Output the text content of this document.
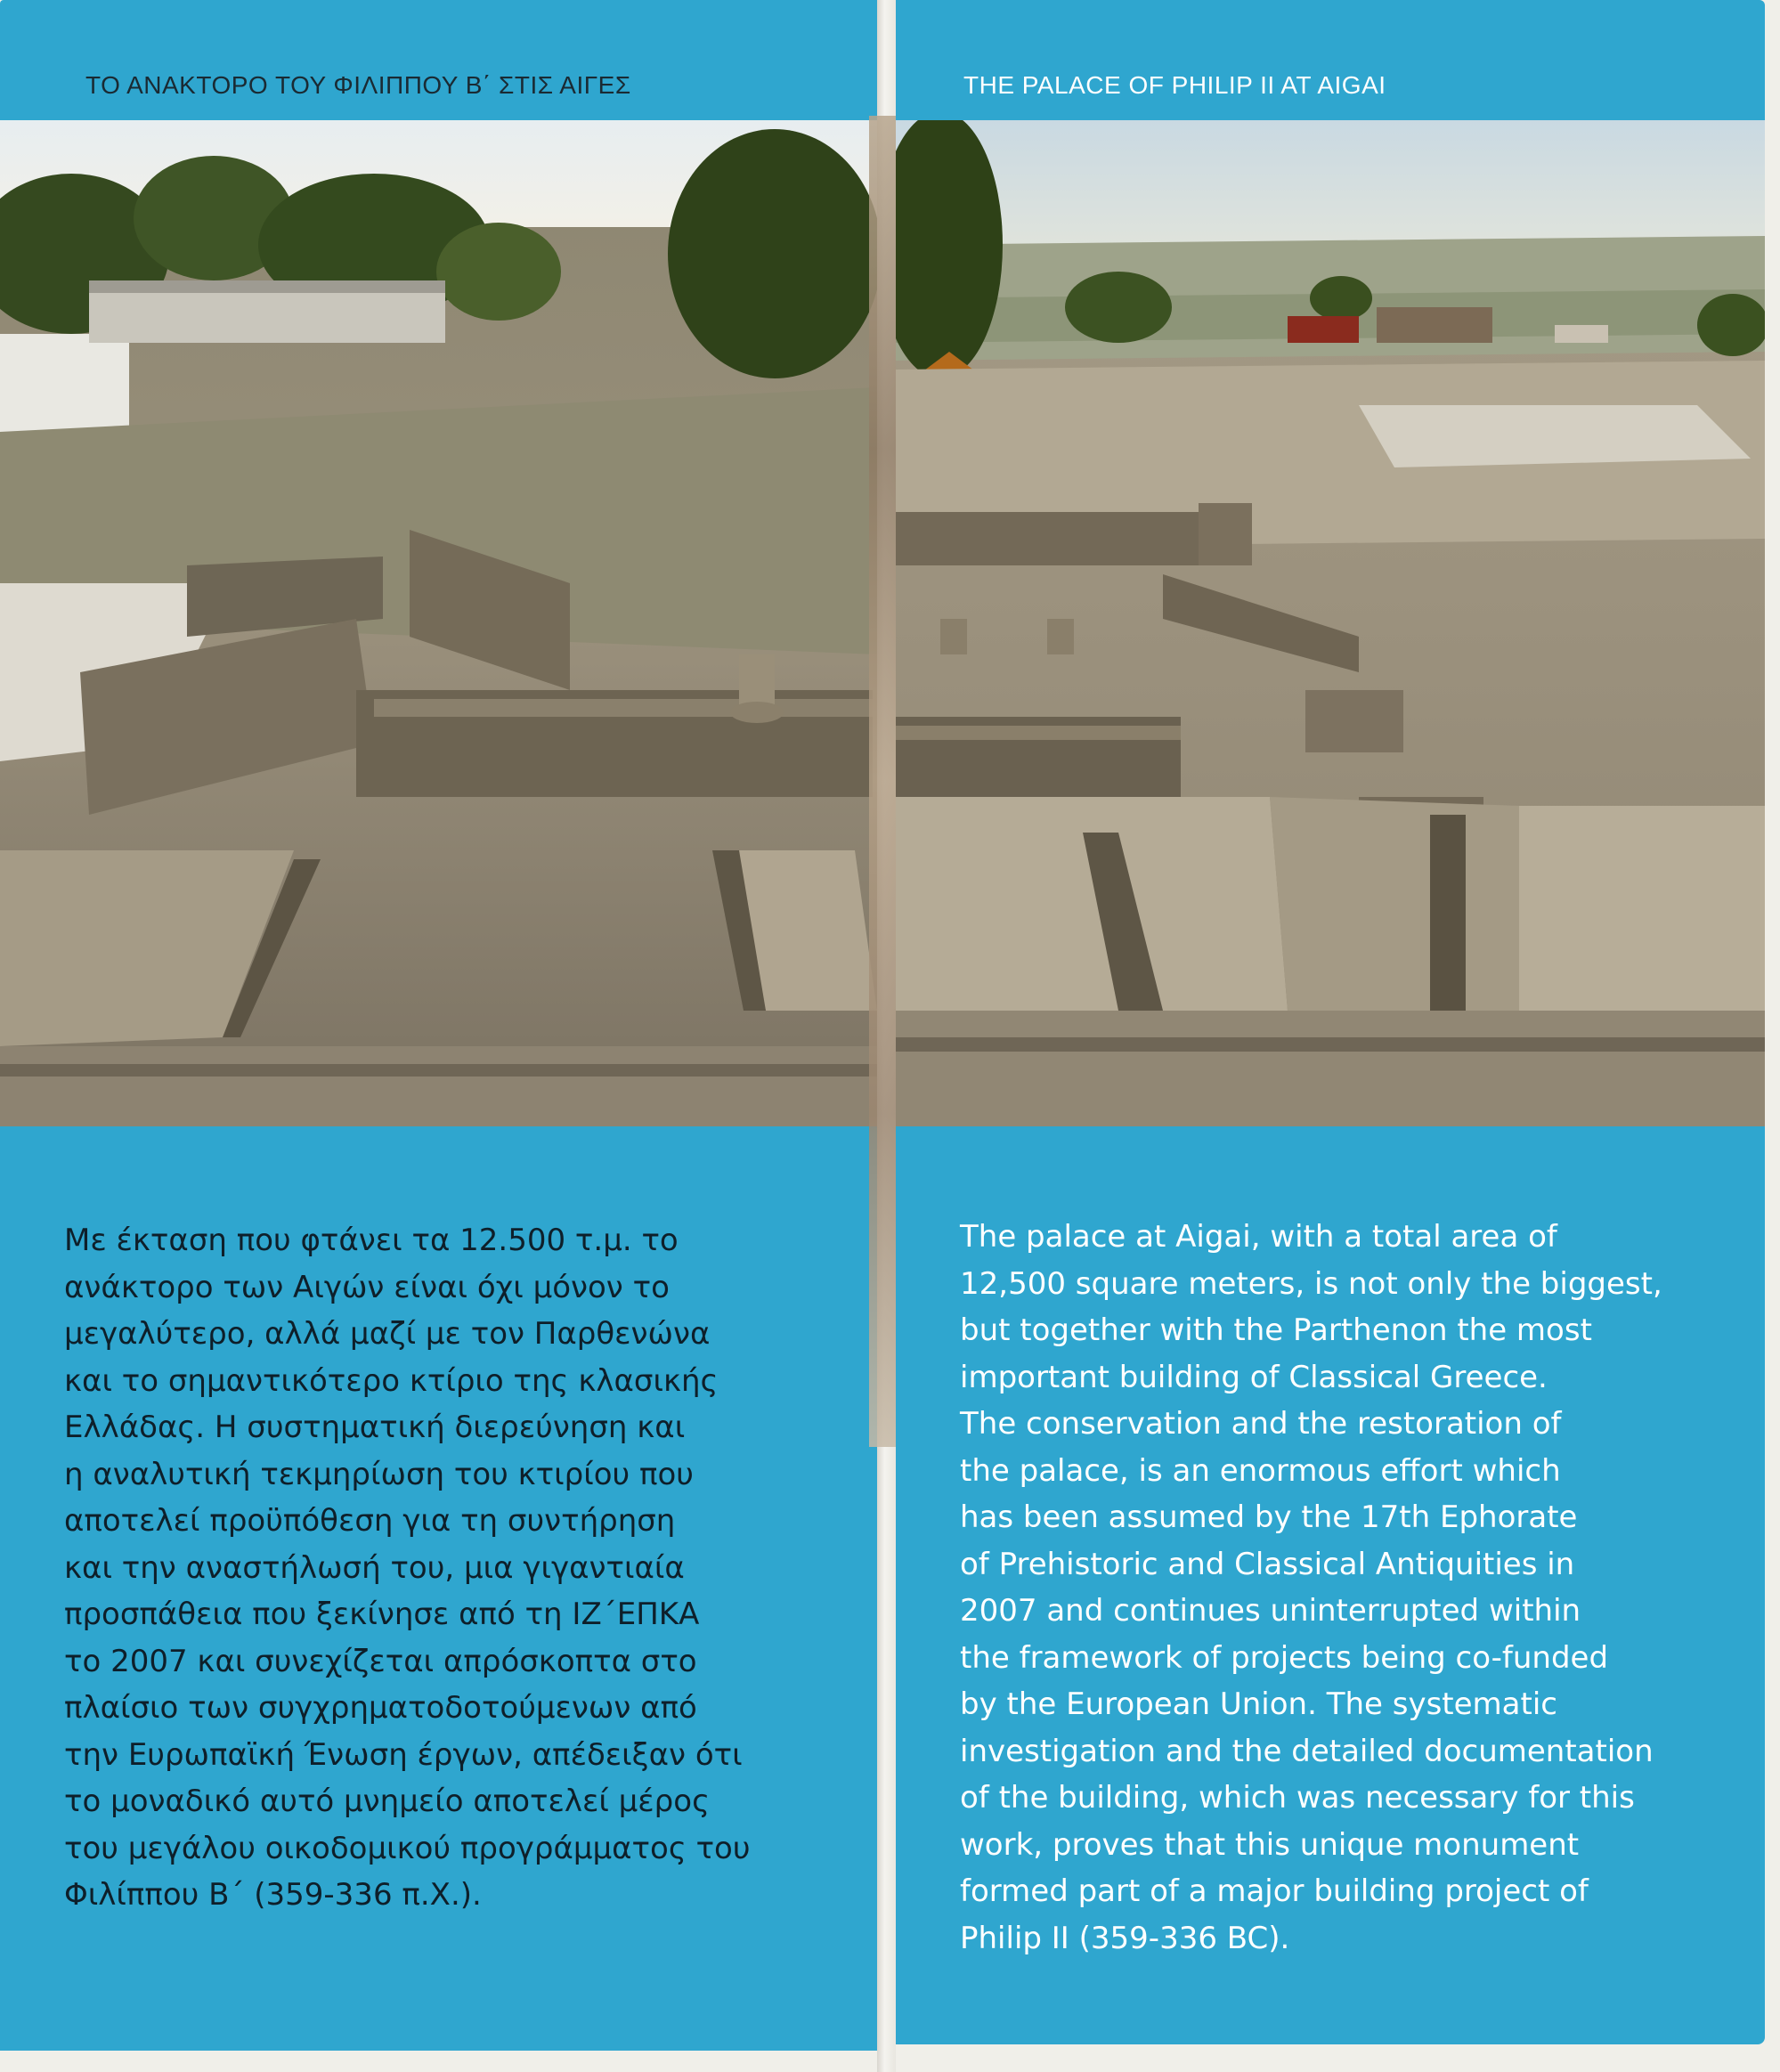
ΤΟ ΑΝΑΚΤΟΡΟ ΤΟΥ ΦΙΛΙΠΠΟΥ Β΄ ΣΤΙΣ ΑΙΓΕΣ
Με έκταση που φτάνει τα 12.500 τ.μ. το
ανάκτορο των Αιγών είναι όχι μόνον το
μεγαλύτερο, αλλά μαζί με τον Παρθενώνα
και το σημαντικότερο κτίριο της κλασικής
Ελλάδας. Η συστηματική διερεύνηση και
η αναλυτική τεκμηρίωση του κτιρίου που
αποτελεί προϋπόθεση για τη συντήρηση
και την αναστήλωσή του, μια γιγαντιαία
προσπάθεια που ξεκίνησε από τη ΙΖ΄ΕΠΚΑ
το 2007 και συνεχίζεται απρόσκοπτα στο
πλαίσιο των συγχρηματοδοτούμενων από
την Ευρωπαϊκή Ένωση έργων, απέδειξαν ότι
το μοναδικό αυτό μνημείο αποτελεί μέρος
του μεγάλου οικοδομικού προγράμματος του
Φιλίππου Β΄ (359-336 π.Χ.).
THE PALACE OF PHILIP II AT AIGAI
The palace at Aigai, with a total area of
12,500 square meters, is not only the biggest,
but together with the Parthenon the most
important building of Classical Greece.
The conservation and the restoration of
the palace, is an enormous effort which
has been assumed by the 17th Ephorate
of Prehistoric and Classical Antiquities in
2007 and continues uninterrupted within
the framework of projects being co-funded
by the European Union. The systematic
investigation and the detailed documentation
of the building, which was necessary for this
work, proves that this unique monument
formed part of a major building project of
Philip II (359-336 BC).
